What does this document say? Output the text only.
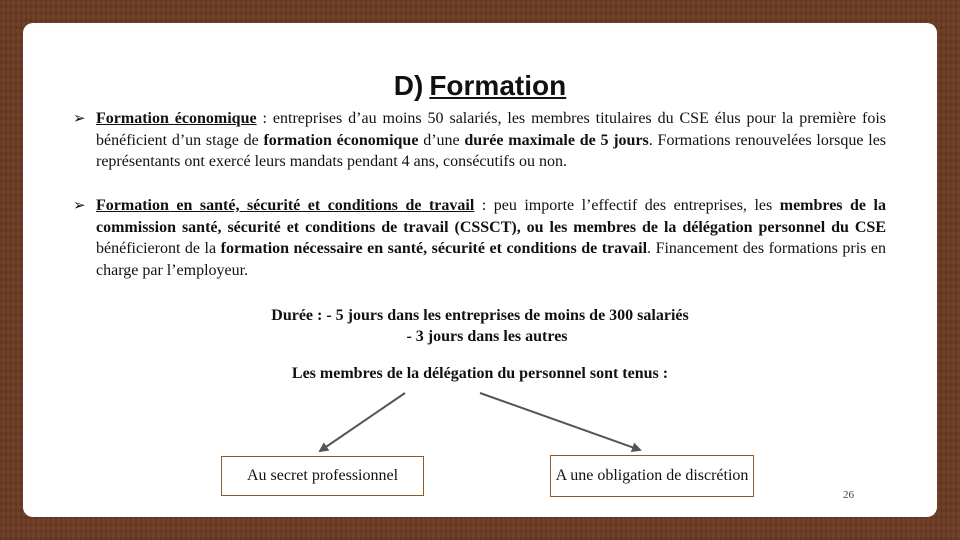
D) Formation
➢ Formation économique : entreprises d’au moins 50 salariés, les membres titulaires du CSE élus pour la première fois bénéficient d’un stage de formation économique d’une durée maximale de 5 jours. Formations renouvelées lorsque les représentants ont exercé leurs mandats pendant 4 ans, consécutifs ou non.
➢ Formation en santé, sécurité et conditions de travail : peu importe l’effectif des entreprises, les membres de la commission santé, sécurité et conditions de travail (CSSCT), ou les membres de la délégation personnel du CSE bénéficieront de la formation nécessaire en santé, sécurité et conditions de travail. Financement des formations pris en charge par l’employeur.
Durée : - 5 jours dans les entreprises de moins de 300 salariés
- 3 jours dans les autres
Les membres de la délégation du personnel sont tenus :
Au secret professionnel	A une obligation de discrétion
26
